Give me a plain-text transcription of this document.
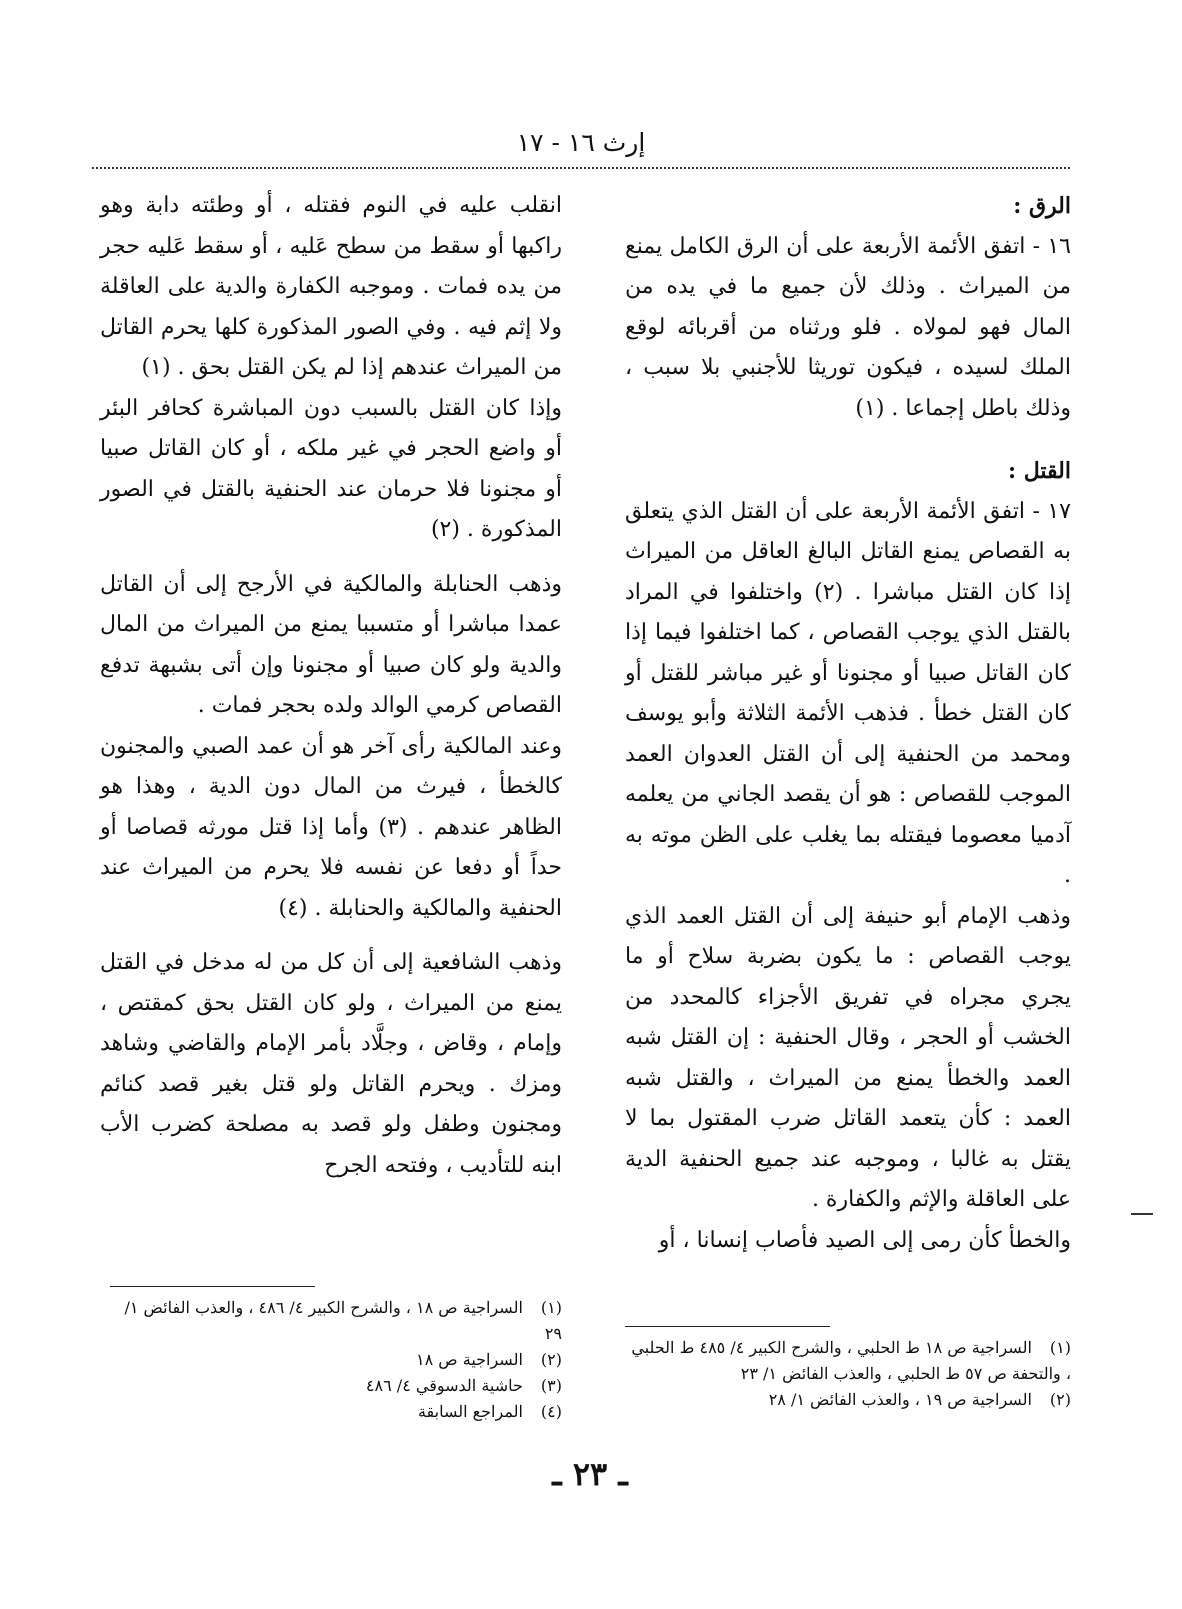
إرث ١٦ - ١٧

الرق :

١٦ - اتفق الأئمة الأربعة على أن الرق الكامل يمنع من الميراث . وذلك لأن جميع ما في يده من المال فهو لمولاه . فلو ورثناه من أقربائه لوقع الملك لسيده ، فيكون توريثا للأجنبي بلا سبب ، وذلك باطل إجماعا . (١)

القتل :

١٧ - اتفق الأئمة الأربعة على أن القتل الذي يتعلق به القصاص يمنع القاتل البالغ العاقل من الميراث إذا كان القتل مباشرا . (٢) واختلفوا في المراد بالقتل الذي يوجب القصاص ، كما اختلفوا فيما إذا كان القاتل صبيا أو مجنونا أو غير مباشر للقتل أو كان القتل خطأ . فذهب الأئمة الثلاثة وأبو يوسف ومحمد من الحنفية إلى أن القتل العدوان العمد الموجب للقصاص : هو أن يقصد الجاني من يعلمه آدميا معصوما فيقتله بما يغلب على الظن موته به .

وذهب الإمام أبو حنيفة إلى أن القتل العمد الذي يوجب القصاص : ما يكون بضربة سلاح أو ما يجري مجراه في تفريق الأجزاء كالمحدد من الخشب أو الحجر ، وقال الحنفية : إن القتل شبه العمد والخطأ يمنع من الميراث ، والقتل شبه العمد : كأن يتعمد القاتل ضرب المقتول بما لا يقتل به غالبا ، وموجبه عند جميع الحنفية الدية على العاقلة والإثم والكفارة .

والخطأ كأن رمى إلى الصيد فأصاب إنسانا ، أو

انقلب عليه في النوم فقتله ، أو وطئته دابة وهو راكبها أو سقط من سطح عَليه ، أو سقط عَليه حجر من يده فمات . وموجبه الكفارة والدية على العاقلة ولا إثم فيه . وفي الصور المذكورة كلها يحرم القاتل من الميراث عندهم إذا لم يكن القتل بحق . (١)

وإذا كان القتل بالسبب دون المباشرة كحافر البئر أو واضع الحجر في غير ملكه ، أو كان القاتل صبيا أو مجنونا فلا حرمان عند الحنفية بالقتل في الصور المذكورة . (٢)

وذهب الحنابلة والمالكية في الأرجح إلى أن القاتل عمدا مباشرا أو متسببا يمنع من الميراث من المال والدية ولو كان صبيا أو مجنونا وإن أتى بشبهة تدفع القصاص كرمي الوالد ولده بحجر فمات .

وعند المالكية رأى آخر هو أن عمد الصبي والمجنون كالخطأ ، فيرث من المال دون الدية ، وهذا هو الظاهر عندهم . (٣) وأما إذا قتل مورثه قصاصا أو حداً أو دفعا عن نفسه فلا يحرم من الميراث عند الحنفية والمالكية والحنابلة . (٤)

وذهب الشافعية إلى أن كل من له مدخل في القتل يمنع من الميراث ، ولو كان القتل بحق كمقتص ، وإمام ، وقاض ، وجلَّاد بأمر الإمام والقاضي وشاهد ومزك . ويحرم القاتل ولو قتل بغير قصد كنائم ومجنون وطفل ولو قصد به مصلحة كضرب الأب ابنه للتأديب ، وفتحه الجرح

(١) السراجية ص ١٨ ط الحلبي ، والشرح الكبير ٤/ ٤٨٥ ط الحلبي ، والتحفة ص ٥٧ ط الحلبي ، والعذب الفائض ١/ ٢٣

(٢) السراجية ص ١٩ ، والعذب الفائض ١/ ٢٨

(١) السراجية ص ١٨ ، والشرح الكبير ٤/ ٤٨٦ ، والعذب الفائض ١/ ٢٩

(٢) السراجية ص ١٨

(٣) حاشية الدسوقي ٤/ ٤٨٦

(٤) المراجع السابقة

ـ ٢٣ ـ
